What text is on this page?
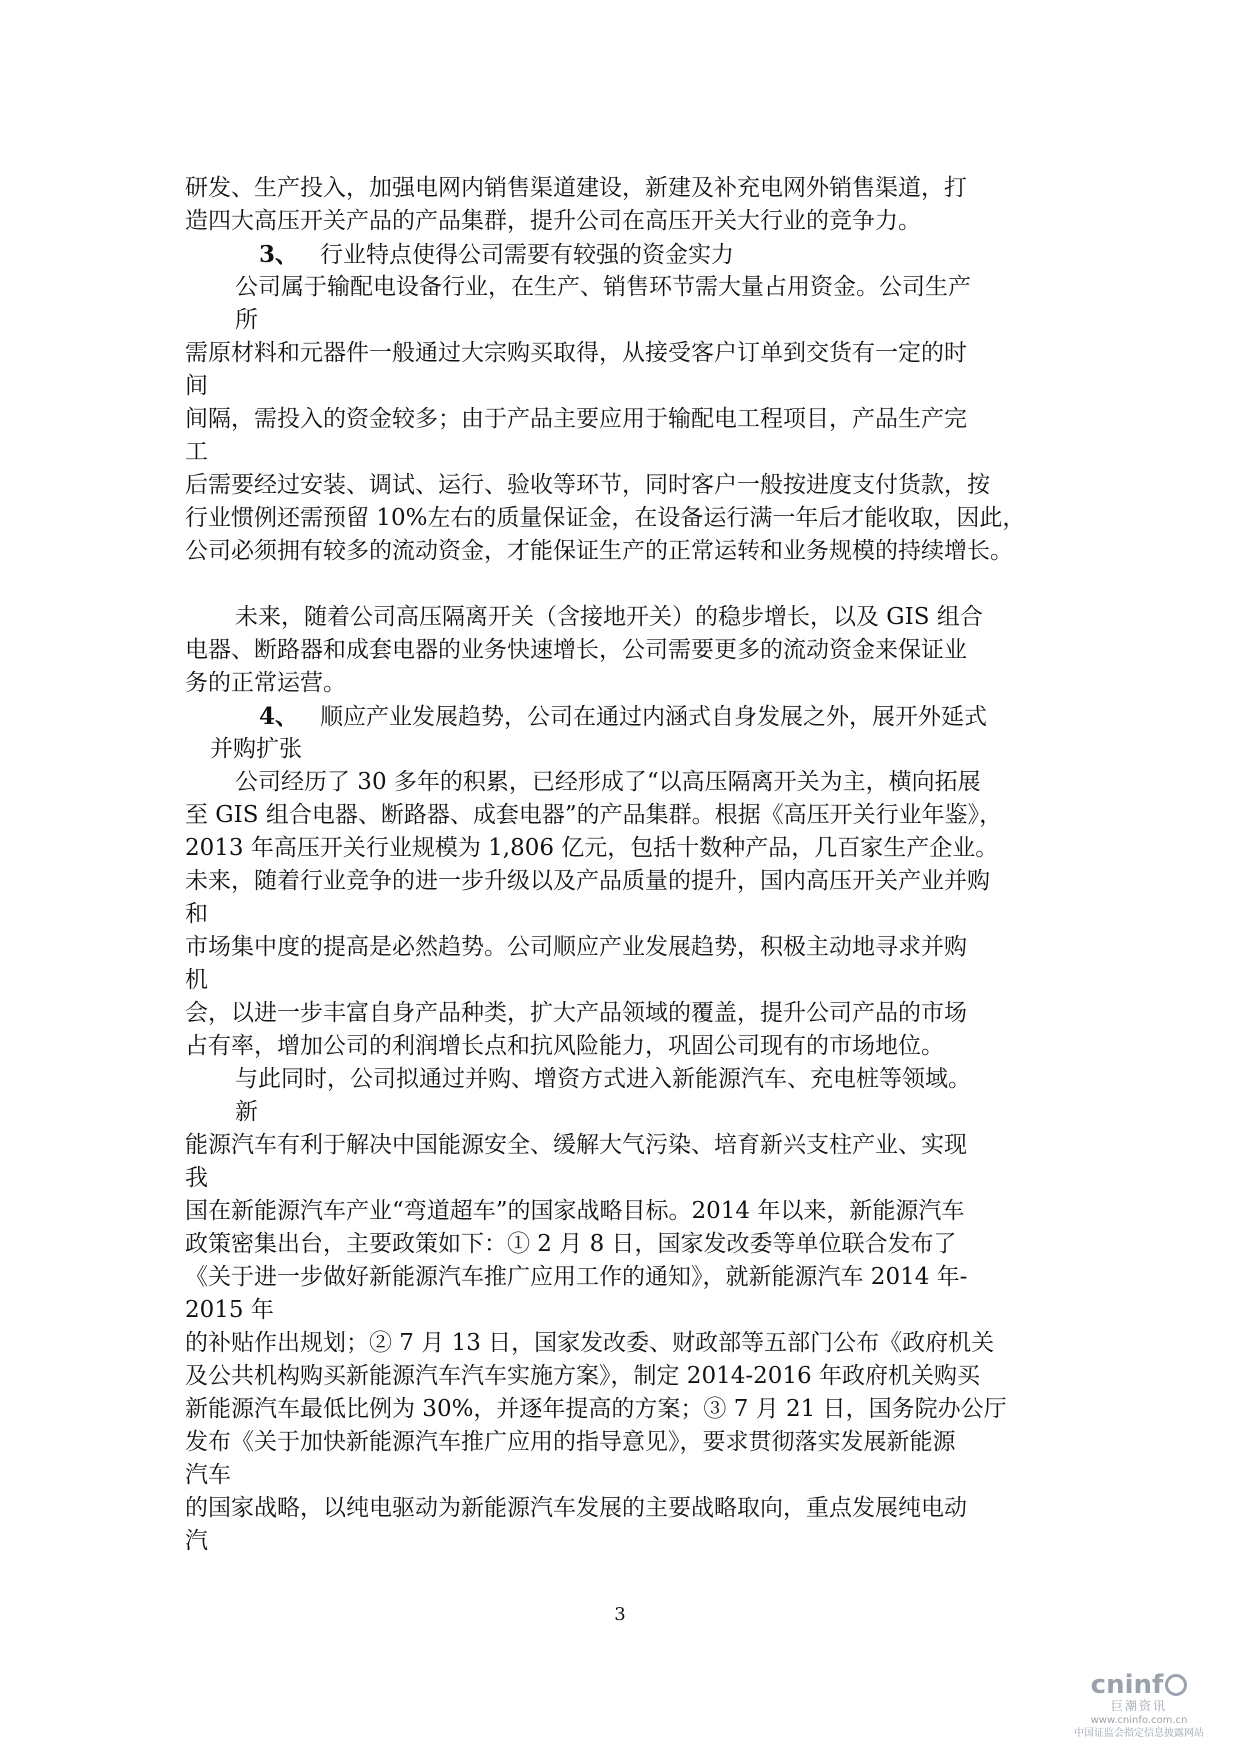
研发、生产投入，加强电网内销售渠道建设，新建及补充电网外销售渠道，打
造四大高压开关产品的产品集群，提升公司在高压开关大行业的竞争力。
3、 行业特点使得公司需要有较强的资金实力
公司属于输配电设备行业，在生产、销售环节需大量占用资金。公司生产
所
需原材料和元器件一般通过大宗购买取得，从接受客户订单到交货有一定的时
间
间隔，需投入的资金较多；由于产品主要应用于输配电工程项目，产品生产完
工
后需要经过安装、调试、运行、验收等环节，同时客户一般按进度支付货款，按
行业惯例还需预留 10%左右的质量保证金，在设备运行满一年后才能收取，因此，
公司必须拥有较多的流动资金，才能保证生产的正常运转和业务规模的持续增长。
未来，随着公司高压隔离开关（含接地开关）的稳步增长，以及 GIS 组合
电器、断路器和成套电器的业务快速增长，公司需要更多的流动资金来保证业
务的正常运营。
4、 顺应产业发展趋势，公司在通过内涵式自身发展之外，展开外延式
并购扩张
公司经历了 30 多年的积累，已经形成了“以高压隔离开关为主，横向拓展
至 GIS 组合电器、断路器、成套电器”的产品集群。根据《高压开关行业年鉴》，
2013 年高压开关行业规模为 1,806 亿元，包括十数种产品，几百家生产企业。
未来，随着行业竞争的进一步升级以及产品质量的提升，国内高压开关产业并购
和
市场集中度的提高是必然趋势。公司顺应产业发展趋势，积极主动地寻求并购
机
会，以进一步丰富自身产品种类，扩大产品领域的覆盖，提升公司产品的市场
占有率，增加公司的利润增长点和抗风险能力，巩固公司现有的市场地位。
与此同时，公司拟通过并购、增资方式进入新能源汽车、充电桩等领域。
新
能源汽车有利于解决中国能源安全、缓解大气污染、培育新兴支柱产业、实现
我
国在新能源汽车产业“弯道超车”的国家战略目标。2014 年以来，新能源汽车
政策密集出台，主要政策如下：① 2 月 8 日，国家发改委等单位联合发布了
《关于进一步做好新能源汽车推广应用工作的通知》，就新能源汽车 2014 年-
2015 年
的补贴作出规划；② 7 月 13 日，国家发改委、财政部等五部门公布《政府机关
及公共机构购买新能源汽车汽车实施方案》，制定 2014-2016 年政府机关购买
新能源汽车最低比例为 30%，并逐年提高的方案；③ 7 月 21 日，国务院办公厅
发布《关于加快新能源汽车推广应用的指导意见》，要求贯彻落实发展新能源
汽车
的国家战略，以纯电驱动为新能源汽车发展的主要战略取向，重点发展纯电动
汽
3
cninf
巨潮资讯
www.cninfo.com.cn
中国证监会指定信息披露网站
